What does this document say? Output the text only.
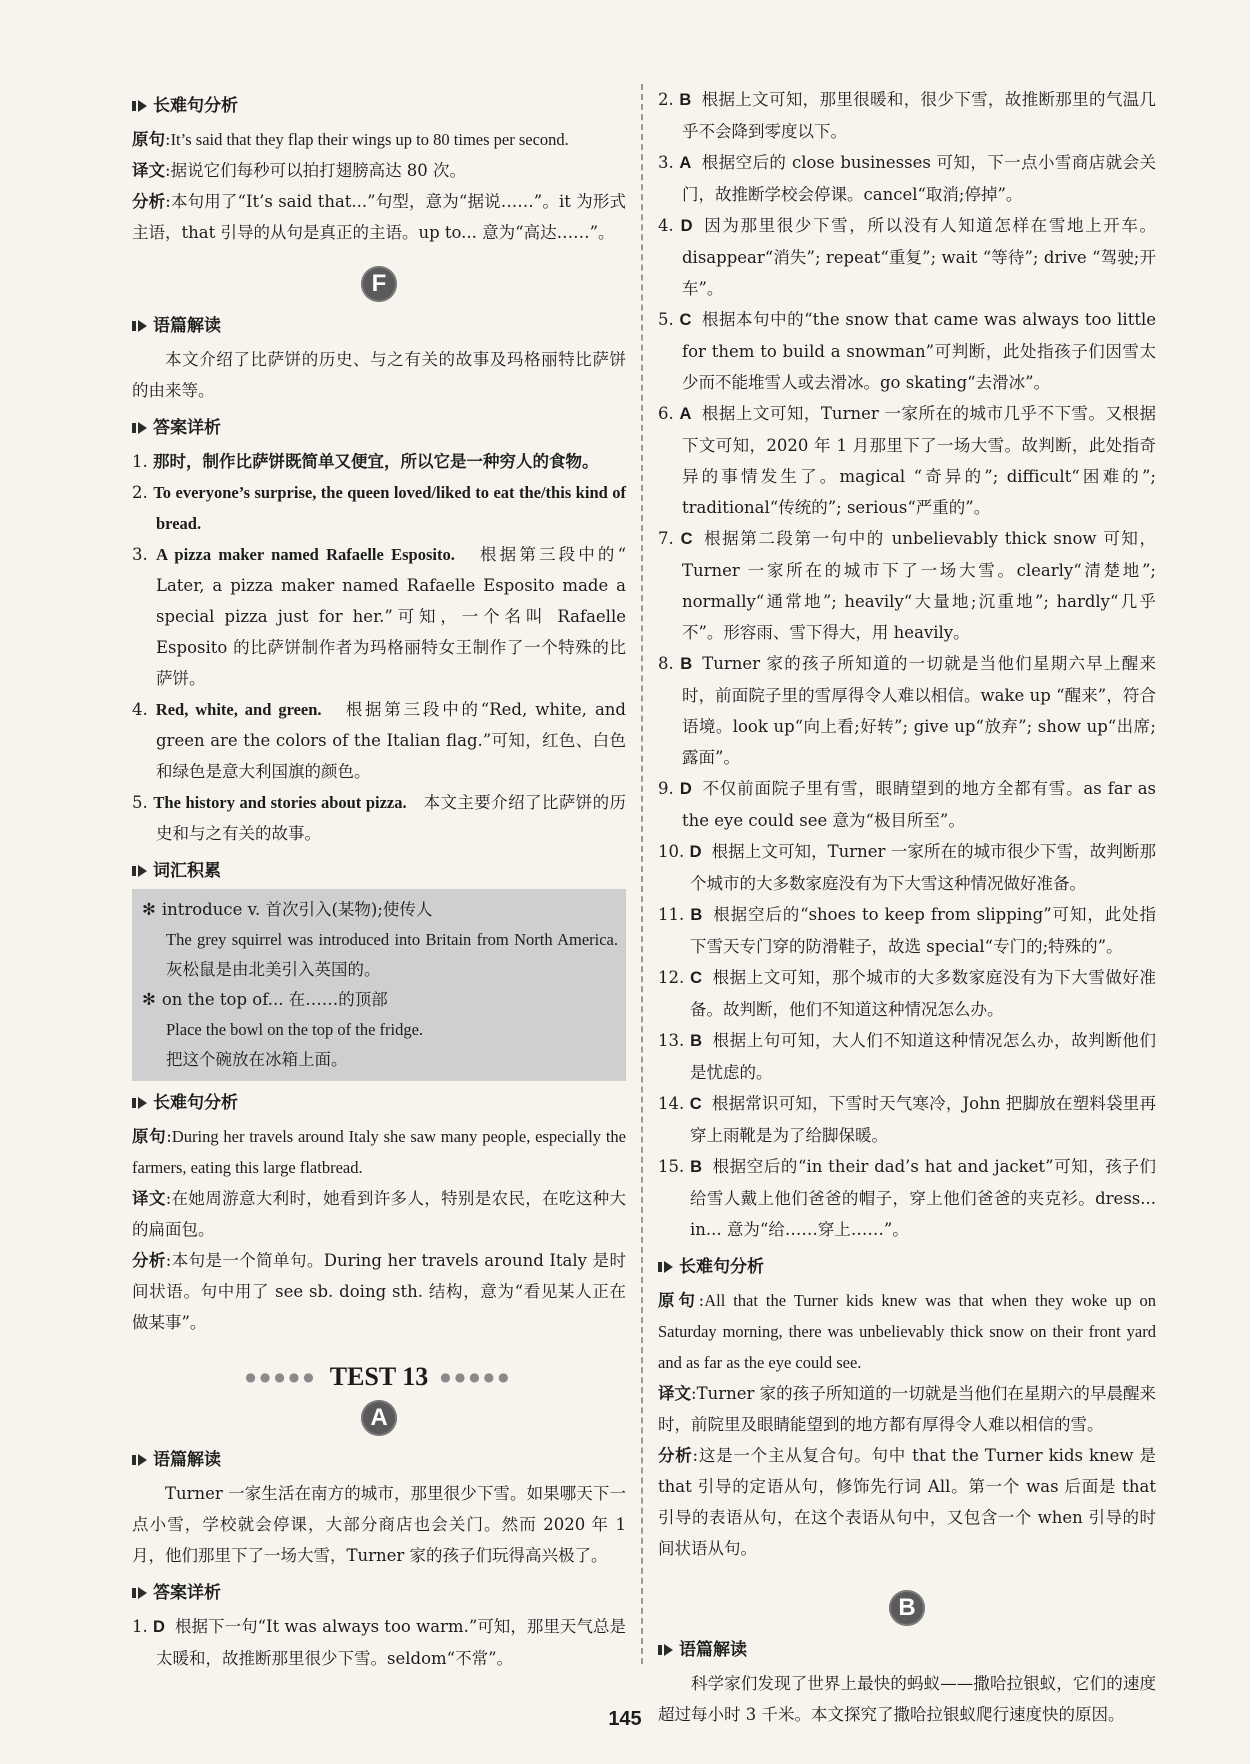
长难句分析

原句:It’s said that they flap their wings up to 80 times per second.

译文:据说它们每秒可以拍打翅膀高达 80 次。

分析:本句用了“It’s said that...”句型，意为“据说……”。it 为形式主语，that 引导的从句是真正的主语。up to... 意为“高达……”。

F
语篇解读

本文介绍了比萨饼的历史、与之有关的故事及玛格丽特比萨饼的由来等。

答案详析

1. 那时，制作比萨饼既简单又便宜，所以它是一种穷人的食物。

2. To everyone’s surprise, the queen loved/liked to eat the/this kind of bread.

3. A pizza maker named Rafaelle Esposito. 根据第三段中的“ Later, a pizza maker named Rafaelle Esposito made a special pizza just for her.”可知，一个名叫 Rafaelle Esposito 的比萨饼制作者为玛格丽特女王制作了一个特殊的比萨饼。

4. Red, white, and green. 根据第三段中的“Red, white, and green are the colors of the Italian flag.”可知，红色、白色和绿色是意大利国旗的颜色。

5. The history and stories about pizza. 本文主要介绍了比萨饼的历史和与之有关的故事。

词汇积累

✻ introduce v. 首次引入(某物);使传人

The grey squirrel was introduced into Britain from North America. 灰松鼠是由北美引入英国的。

✻ on the top of... 在……的顶部

Place the bowl on the top of the fridge.

把这个碗放在冰箱上面。

长难句分析

原句:During her travels around Italy she saw many people, especially the farmers, eating this large flatbread.

译文:在她周游意大利时，她看到许多人，特别是农民，在吃这种大的扁面包。

分析:本句是一个简单句。During her travels around Italy 是时间状语。句中用了 see sb. doing sth. 结构，意为“看见某人正在做某事”。

●●●●● TEST 13 ●●●●●
A
语篇解读

Turner 一家生活在南方的城市，那里很少下雪。如果哪天下一点小雪，学校就会停课，大部分商店也会关门。然而 2020 年 1 月，他们那里下了一场大雪，Turner 家的孩子们玩得高兴极了。

答案详析

1. D 根据下一句“It was always too warm.”可知，那里天气总是太暖和，故推断那里很少下雪。seldom“不常”。

2. B 根据上文可知，那里很暖和，很少下雪，故推断那里的气温几乎不会降到零度以下。

3. A 根据空后的 close businesses 可知，下一点小雪商店就会关门，故推断学校会停课。cancel“取消;停掉”。

4. D 因为那里很少下雪，所以没有人知道怎样在雪地上开车。disappear“消失”; repeat“重复”; wait “等待”; drive “驾驶;开车”。

5. C 根据本句中的“the snow that came was always too little for them to build a snowman”可判断，此处指孩子们因雪太少而不能堆雪人或去滑冰。go skating“去滑冰”。

6. A 根据上文可知，Turner 一家所在的城市几乎不下雪。又根据下文可知，2020 年 1 月那里下了一场大雪。故判断，此处指奇异的事情发生了。magical “奇异的”; difficult“困难的”; traditional“传统的”; serious“严重的”。

7. C 根据第二段第一句中的 unbelievably thick snow 可知，Turner 一家所在的城市下了一场大雪。clearly“清楚地”; normally“通常地”; heavily“大量地;沉重地”; hardly“几乎不”。形容雨、雪下得大，用 heavily。

8. B Turner 家的孩子所知道的一切就是当他们星期六早上醒来时，前面院子里的雪厚得令人难以相信。wake up “醒来”，符合语境。look up“向上看;好转”; give up“放弃”; show up“出席;露面”。

9. D 不仅前面院子里有雪，眼睛望到的地方全都有雪。as far as the eye could see 意为“极目所至”。

10. D 根据上文可知，Turner 一家所在的城市很少下雪，故判断那个城市的大多数家庭没有为下大雪这种情况做好准备。

11. B 根据空后的“shoes to keep from slipping”可知，此处指下雪天专门穿的防滑鞋子，故选 special“专门的;特殊的”。

12. C 根据上文可知，那个城市的大多数家庭没有为下大雪做好准备。故判断，他们不知道这种情况怎么办。

13. B 根据上句可知，大人们不知道这种情况怎么办，故判断他们是忧虑的。

14. C 根据常识可知，下雪时天气寒冷，John 把脚放在塑料袋里再穿上雨靴是为了给脚保暖。

15. B 根据空后的“in their dad’s hat and jacket”可知，孩子们给雪人戴上他们爸爸的帽子，穿上他们爸爸的夹克衫。dress... in... 意为“给……穿上……”。

长难句分析

原句:All that the Turner kids knew was that when they woke up on Saturday morning, there was unbelievably thick snow on their front yard and as far as the eye could see.

译文:Turner 家的孩子所知道的一切就是当他们在星期六的早晨醒来时，前院里及眼睛能望到的地方都有厚得令人难以相信的雪。

分析:这是一个主从复合句。句中 that the Turner kids knew 是 that 引导的定语从句，修饰先行词 All。第一个 was 后面是 that 引导的表语从句，在这个表语从句中，又包含一个 when 引导的时间状语从句。

B
语篇解读

科学家们发现了世界上最快的蚂蚁——撒哈拉银蚁，它们的速度超过每小时 3 千米。本文探究了撒哈拉银蚁爬行速度快的原因。

145
